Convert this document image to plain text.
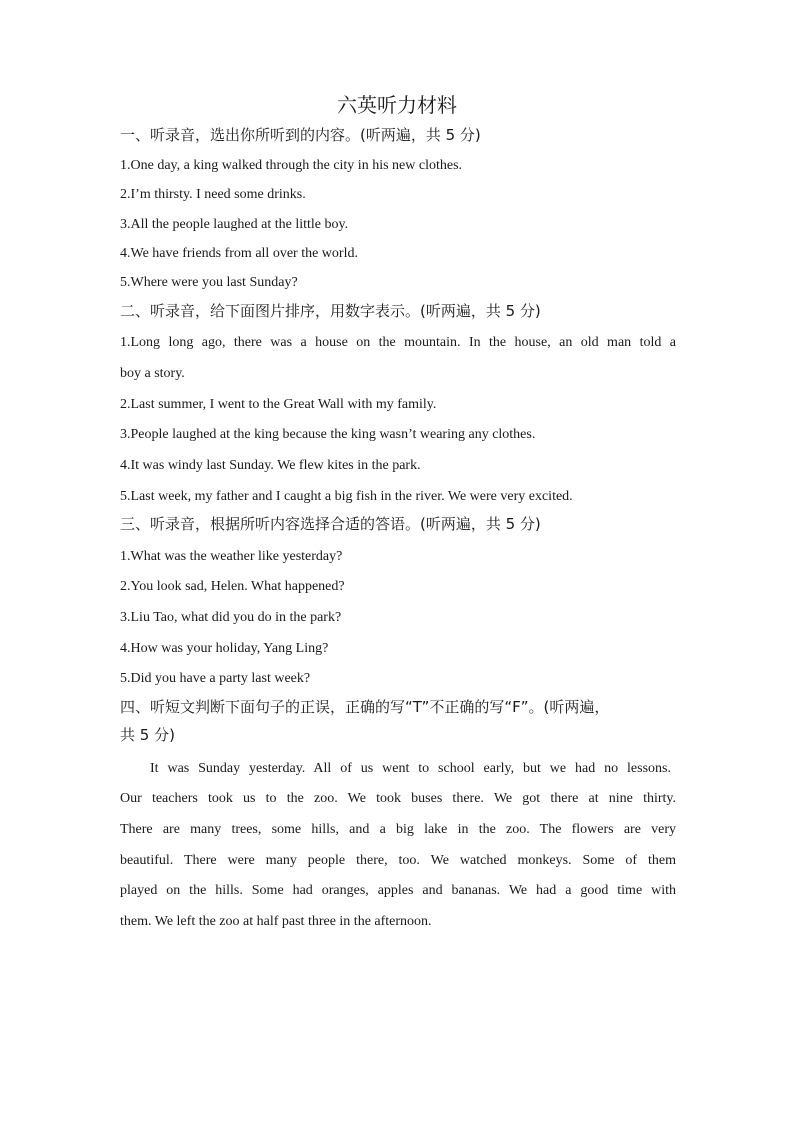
六英听力材料
一、听录音，选出你所听到的内容。(听两遍，共 5 分)
1.One day, a king walked through the city in his new clothes.
2.I’m thirsty. I need some drinks.
3.All the people laughed at the little boy.
4.We have friends from all over the world.
5.Where were you last Sunday?
二、听录音，给下面图片排序，用数字表示。(听两遍，共 5 分)
1.Long long ago, there was a house on the mountain. In the house, an old man told a
boy a story.
2.Last summer, I went to the Great Wall with my family.
3.People laughed at the king because the king wasn’t wearing any clothes.
4.It was windy last Sunday. We flew kites in the park.
5.Last week, my father and I caught a big fish in the river. We were very excited.
三、听录音，根据所听内容选择合适的答语。(听两遍，共 5 分)
1.What was the weather like yesterday?
2.You look sad, Helen. What happened?
3.Liu Tao, what did you do in the park?
4.How was your holiday, Yang Ling?
5.Did you have a party last week?
四、听短文判断下面句子的正误，正确的写“T”不正确的写“F”。(听两遍，
共 5 分)
It was Sunday yesterday. All of us went to school early, but we had no lessons.
Our teachers took us to the zoo. We took buses there. We got there at nine thirty.
There are many trees, some hills, and a big lake in the zoo. The flowers are very
beautiful. There were many people there, too. We watched monkeys. Some of them
played on the hills. Some had oranges, apples and bananas. We had a good time with
them. We left the zoo at half past three in the afternoon.
